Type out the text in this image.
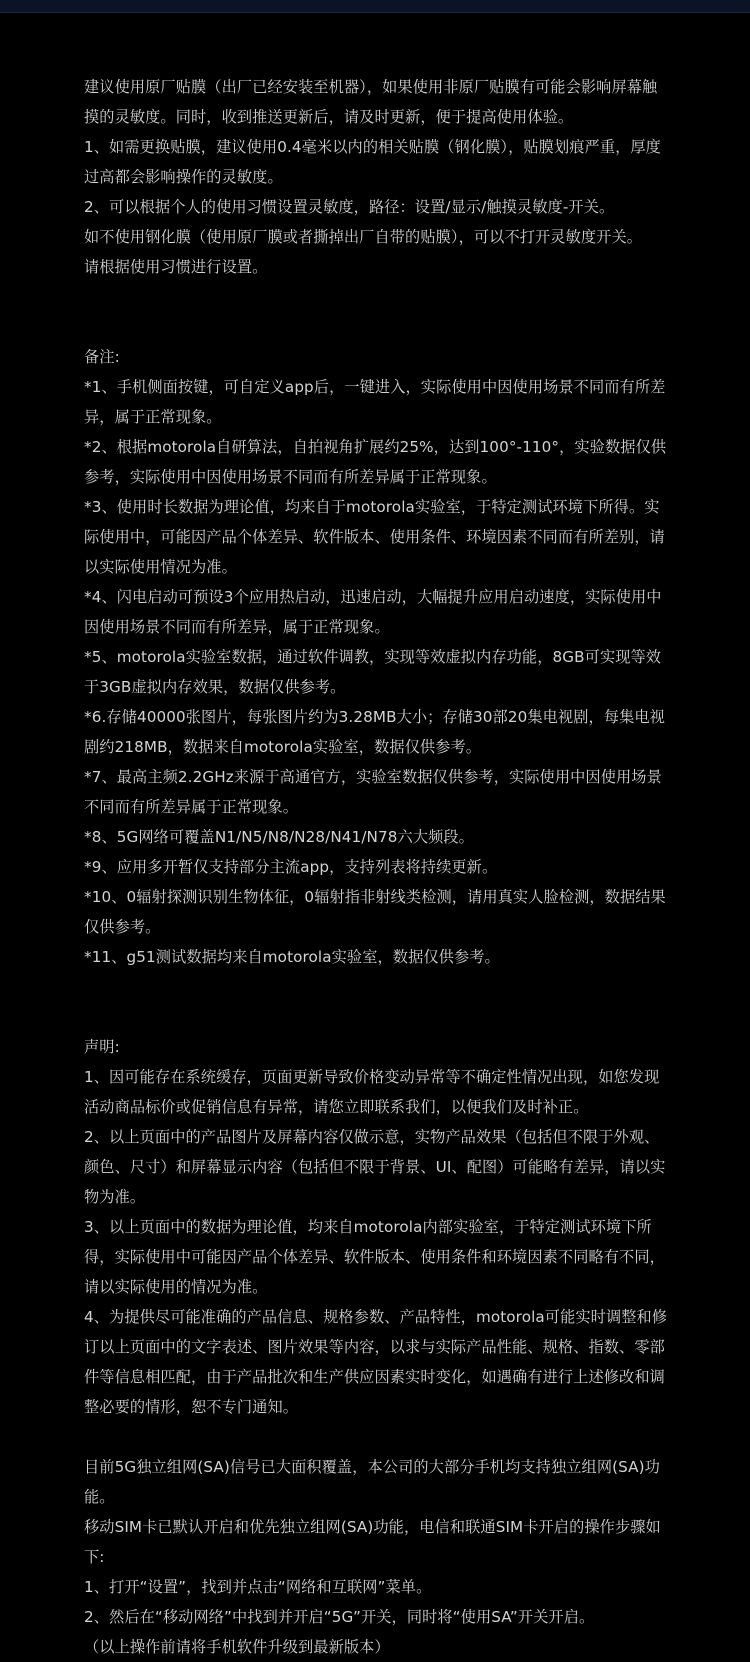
建议使用原厂贴膜（出厂已经安装至机器），如果使用非原厂贴膜有可能会影响屏幕触摸的灵敏度。同时，收到推送更新后，请及时更新，便于提高使用体验。

1、如需更换贴膜，建议使用0.4毫米以内的相关贴膜（钢化膜），贴膜划痕严重，厚度过高都会影响操作的灵敏度。

2、可以根据个人的使用习惯设置灵敏度，路径：设置/显示/触摸灵敏度-开关。

如不使用钢化膜（使用原厂膜或者撕掉出厂自带的贴膜），可以不打开灵敏度开关。

请根据使用习惯进行设置。

备注:

*1、手机侧面按键，可自定义app后，一键进入，实际使用中因使用场景不同而有所差异，属于正常现象。

*2、根据motorola自研算法，自拍视角扩展约25%，达到100°-110°，实验数据仅供参考，实际使用中因使用场景不同而有所差异属于正常现象。

*3、使用时长数据为理论值，均来自于motorola实验室，于特定测试环境下所得。实际使用中，可能因产品个体差异、软件版本、使用条件、环境因素不同而有所差别，请以实际使用情况为准。

*4、闪电启动可预设3个应用热启动，迅速启动，大幅提升应用启动速度，实际使用中因使用场景不同而有所差异，属于正常现象。

*5、motorola实验室数据，通过软件调教，实现等效虚拟内存功能，8GB可实现等效于3GB虚拟内存效果，数据仅供参考。

*6.存储40000张图片，每张图片约为3.28MB大小；存储30部20集电视剧，每集电视剧约218MB，数据来自motorola实验室，数据仅供参考。

*7、最高主频2.2GHz来源于高通官方，实验室数据仅供参考，实际使用中因使用场景不同而有所差异属于正常现象。

*8、5G网络可覆盖N1/N5/N8/N28/N41/N78六大频段。

*9、应用多开暂仅支持部分主流app，支持列表将持续更新。

*10、0辐射探测识别生物体征，0辐射指非射线类检测，请用真实人脸检测，数据结果仅供参考。

*11、g51测试数据均来自motorola实验室，数据仅供参考。

声明:

1、因可能存在系统缓存，页面更新导致价格变动异常等不确定性情况出现，如您发现活动商品标价或促销信息有异常，请您立即联系我们，以便我们及时补正。

2、以上页面中的产品图片及屏幕内容仅做示意，实物产品效果（包括但不限于外观、颜色、尺寸）和屏幕显示内容（包括但不限于背景、UI、配图）可能略有差异，请以实物为准。

3、以上页面中的数据为理论值，均来自motorola内部实验室，于特定测试环境下所得，实际使用中可能因产品个体差异、软件版本、使用条件和环境因素不同略有不同，请以实际使用的情况为准。

4、为提供尽可能准确的产品信息、规格参数、产品特性，motorola可能实时调整和修订以上页面中的文字表述、图片效果等内容，以求与实际产品性能、规格、指数、零部件等信息相匹配，由于产品批次和生产供应因素实时变化，如遇确有进行上述修改和调整必要的情形，恕不专门通知。

目前5G独立组网(SA)信号已大面积覆盖，本公司的大部分手机均支持独立组网(SA)功能。

移动SIM卡已默认开启和优先独立组网(SA)功能，电信和联通SIM卡开启的操作步骤如下:

1、打开“设置”，找到并点击“网络和互联网”菜单。

2、然后在“移动网络”中找到并开启“5G”开关，同时将“使用SA”开关开启。

（以上操作前请将手机软件升级到最新版本）
